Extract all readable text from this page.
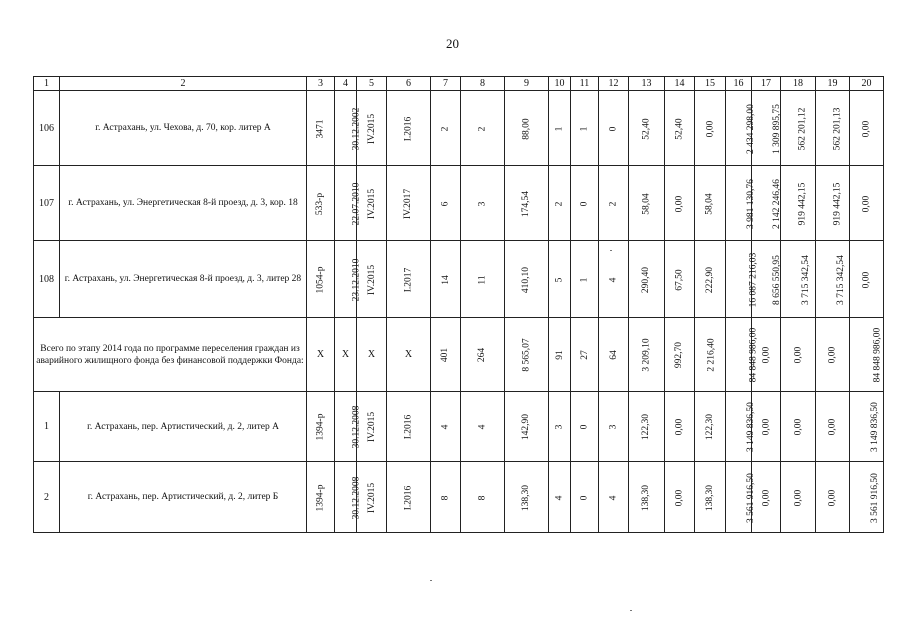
20
1	2	3	4	5	6	7	8	9	10	11	12	13	14	15	16	17	18	19	20
106	г. Астрахань, ул. Чехова, д. 70, кор. литер А	3471	30.12.2002	IV.2015	I.2016	2	2	88,00	1	1	0	52,40	52,40	0,00	2 434 298,00	1 309 895,75	562 201,12	562 201,13	0,00
107	г. Астрахань, ул. Энергетическая 8-й проезд, д. 3, кор. 18	533-р	22.07.2010	IV.2015	IV.2017	6	3	174,54	2	0	2	58,04	0,00	58,04	3 981 130,76	2 142 246,46	919 442,15	919 442,15	0,00
108	г. Астрахань, ул. Энергетическая 8-й проезд, д. 3, литер 28	1054-р	23.12.2010	IV.2015	I.2017	14	11	410,10	5	1	4	290,40	67,50	222,90	16 087 216,03	8 656 550,95	3 715 342,54	3 715 342,54	0,00
Всего по этапу 2014 года по программе переселения граждан из аварийного жилищного фонда без финансовой поддержки Фонда:		X	X	X	X	401	264	8 565,07	91	27	64	3 209,10	992,70	2 216,40	84 848 986,00	0,00	0,00	0,00	84 848 986,00
1	г. Астрахань, пер. Артистический, д. 2, литер А	1394-р	30.12.2008	IV.2015	I.2016	4	4	142,90	3	0	3	122,30	0,00	122,30	3 149 836,50	0,00	0,00	0,00	3 149 836,50
2	г. Астрахань, пер. Артистический, д. 2, литер Б	1394-р	30.12.2008	IV.2015	I.2016	8	8	138,30	4	0	4	138,30	0,00	138,30	3 561 916,50	0,00	0,00	0,00	3 561 916,50
